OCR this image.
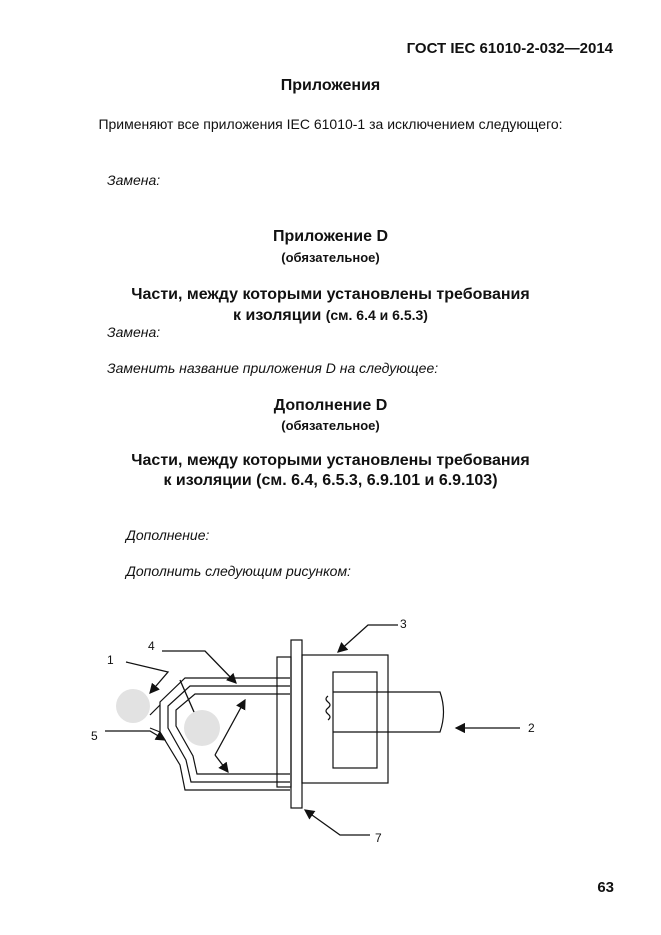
ГОСТ IEC 61010-2-032—2014
Приложения
Применяют все приложения IEC 61010-1 за исключением следующего:
Замена:
Приложение D
(обязательное)
Части, между которыми установлены требования
к изоляции (см. 6.4 и 6.5.3)
Замена:
Заменить название приложения D на следующее:
Дополнение D
(обязательное)
Части, между которыми установлены требования
к изоляции (см. 6.4, 6.5.3, 6.9.101 и 6.9.103)
Дополнение:
Дополнить следующим рисунком:
1
4
5
3
2
7
63
